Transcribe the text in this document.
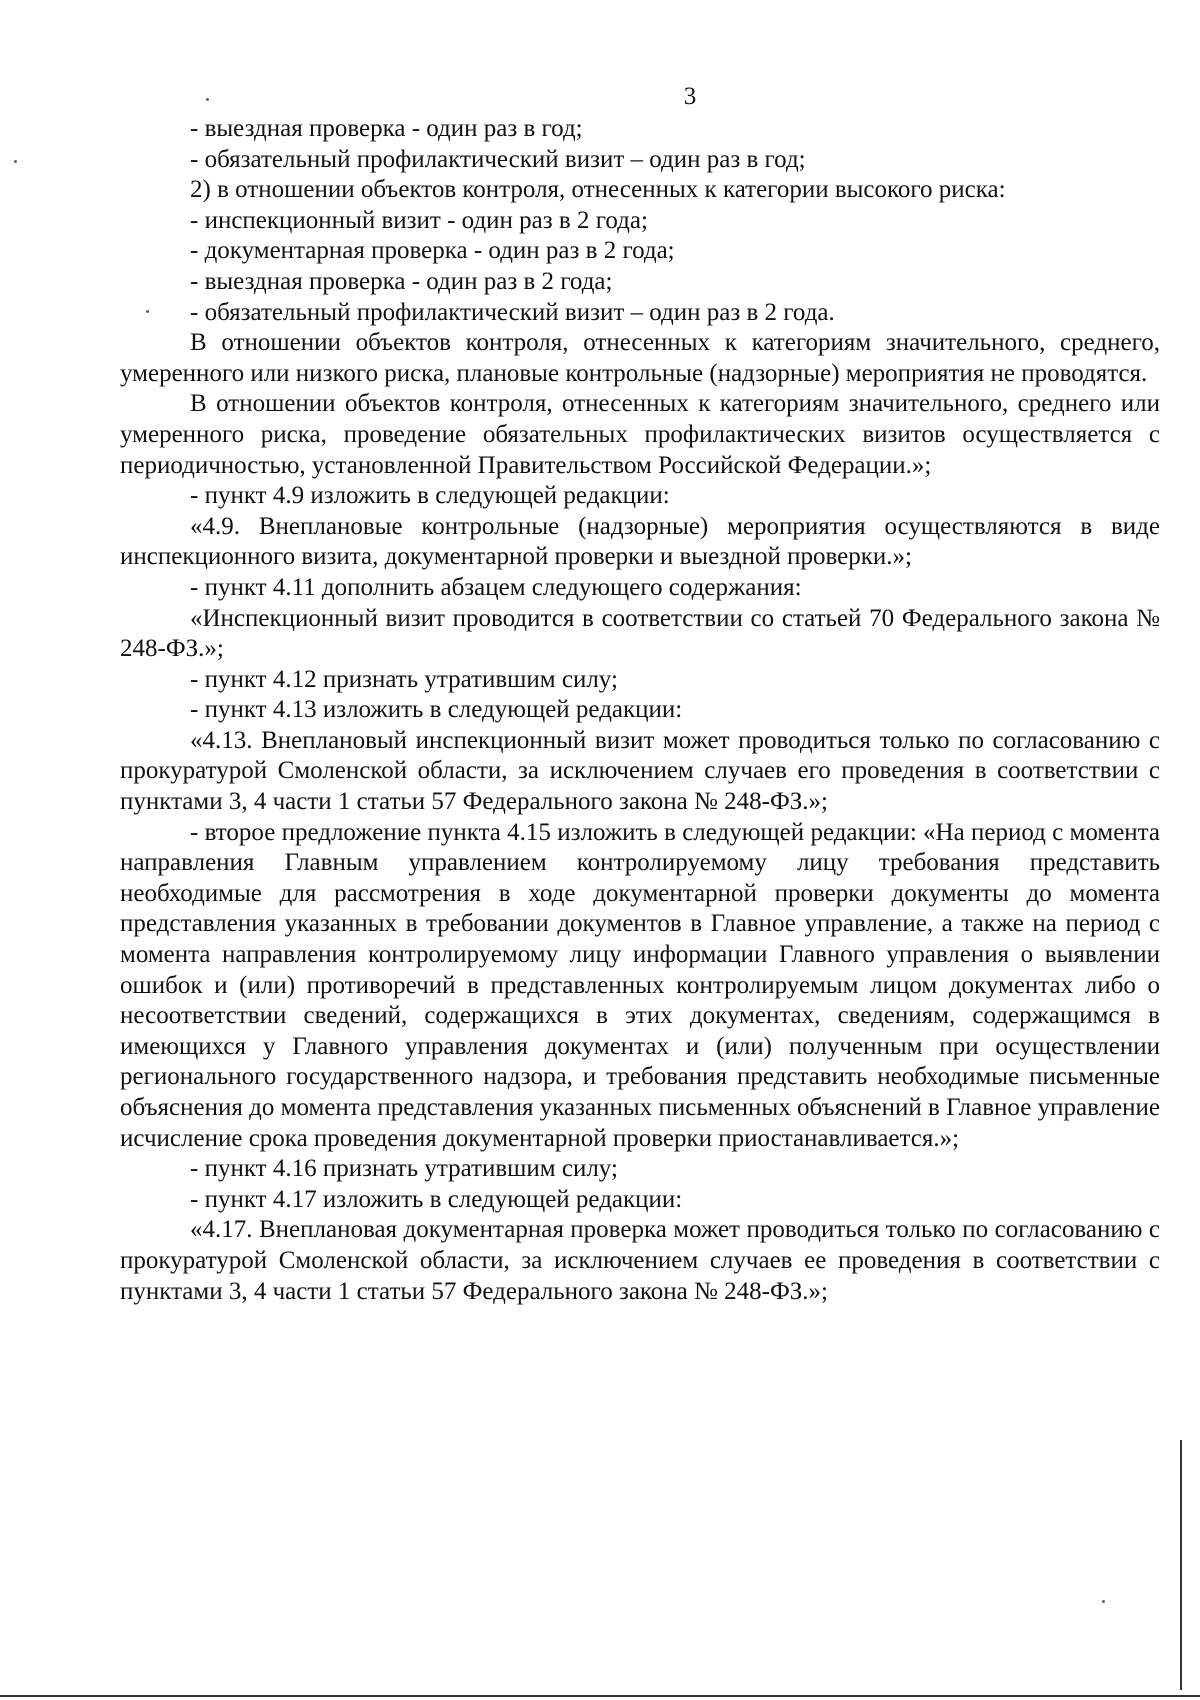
3

- выездная проверка - один раз в год;

- обязательный профилактический визит – один раз в год;

2) в отношении объектов контроля, отнесенных к категории высокого риска:

- инспекционный визит - один раз в 2 года;

- документарная проверка - один раз в 2 года;

- выездная проверка - один раз в 2 года;

- обязательный профилактический визит – один раз в 2 года.

В отношении объектов контроля, отнесенных к категориям значительного, среднего, умеренного или низкого риска, плановые контрольные (надзорные) мероприятия не проводятся.

В отношении объектов контроля, отнесенных к категориям значительного, среднего или умеренного риска, проведение обязательных профилактических визитов осуществляется с периодичностью, установленной Правительством Российской Федерации.»;

- пункт 4.9 изложить в следующей редакции:

«4.9. Внеплановые контрольные (надзорные) мероприятия осуществляются в виде инспекционного визита, документарной проверки и выездной проверки.»;

- пункт 4.11 дополнить абзацем следующего содержания:

«Инспекционный визит проводится в соответствии со статьей 70 Федерального закона № 248-ФЗ.»;

- пункт 4.12 признать утратившим силу;

- пункт 4.13 изложить в следующей редакции:

«4.13. Внеплановый инспекционный визит может проводиться только по согласованию с прокуратурой Смоленской области, за исключением случаев его проведения в соответствии с пунктами 3, 4 части 1 статьи 57 Федерального закона № 248-ФЗ.»;

- второе предложение пункта 4.15 изложить в следующей редакции: «На период с момента направления Главным управлением контролируемому лицу требования представить необходимые для рассмотрения в ходе документарной проверки документы до момента представления указанных в требовании документов в Главное управление, а также на период с момента направления контролируемому лицу информации Главного управления о выявлении ошибок и (или) противоречий в представленных контролируемым лицом документах либо о несоответствии сведений, содержащихся в этих документах, сведениям, содержащимся в имеющихся у Главного управления документах и (или) полученным при осуществлении регионального государственного надзора, и требования представить необходимые письменные объяснения до момента представления указанных письменных объяснений в Главное управление исчисление срока проведения документарной проверки приостанавливается.»;

- пункт 4.16 признать утратившим силу;

- пункт 4.17 изложить в следующей редакции:

«4.17. Внеплановая документарная проверка может проводиться только по согласованию с прокуратурой Смоленской области, за исключением случаев ее проведения в соответствии с пунктами 3, 4 части 1 статьи 57 Федерального закона № 248-ФЗ.»;
